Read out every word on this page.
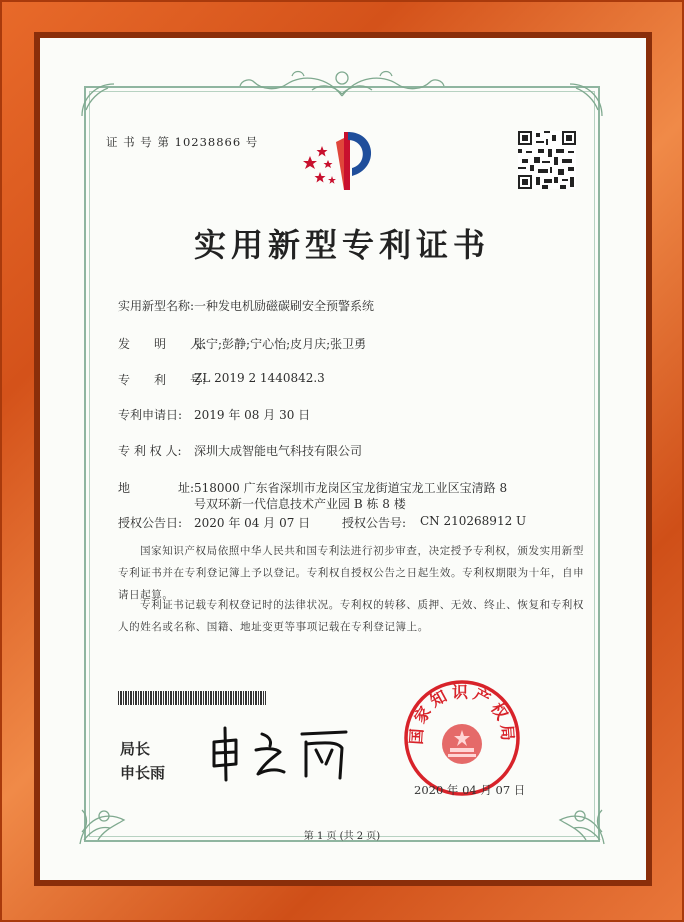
证 书 号 第 10238866 号
实用新型专利证书
实用新型名称: 一种发电机励磁碳刷安全预警系统
发　　明　　人:
张宁;彭静;宁心怡;皮月庆;张卫勇
专　　利　　号:
ZL 2019 2 1440842.3
专利申请日: 2019 年 08 月 30 日
专 利 权 人: 深圳大成智能电气科技有限公司
地　　　　址: 518000 广东省深圳市龙岗区宝龙街道宝龙工业区宝清路 8
号双环新一代信息技术产业园 B 栋 8 楼
授权公告日: 2020 年 04 月 07 日	授权公告号: CN 210268912 U
国家知识产权局依照中华人民共和国专利法进行初步审查，决定授予专利权，颁发实用新型专利证书并在专利登记簿上予以登记。专利权自授权公告之日起生效。专利权期限为十年，自申请日起算。
专利证书记载专利权登记时的法律状况。专利权的转移、质押、无效、终止、恢复和专利权人的姓名或名称、国籍、地址变更等事项记载在专利登记簿上。
局长
申长雨
国家知识产权局
2020 年 04 月 07 日
第 1 页 (共 2 页)
